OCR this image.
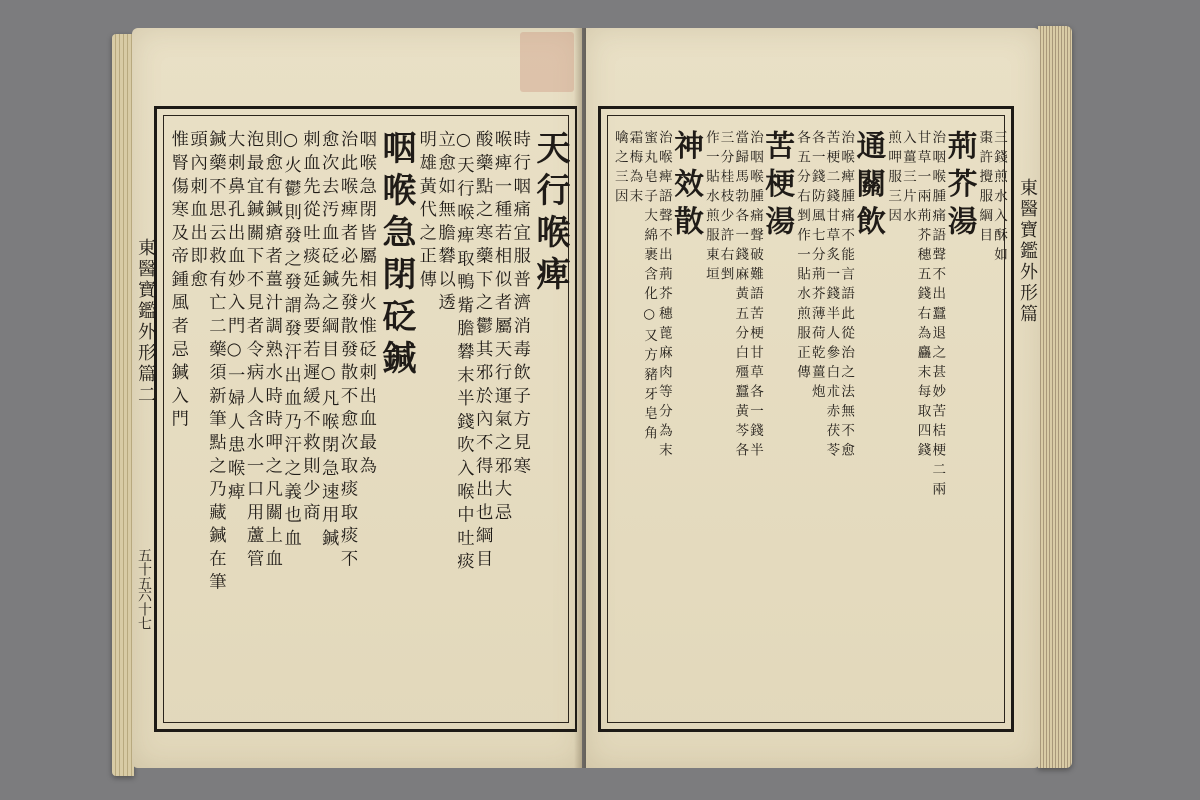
東醫寶鑑外形篇二
五十五
六十七
天行喉痺
時行咽痛宜服普濟消毒飲子方見寒
喉痺一種若相似者屬天行運氣之邪大忌
酸藥點之寒藥下之鬱其邪於內不得出也綱目
○天行喉痺取鴨觜膽礬末半錢吹入喉中吐痰
立愈如無膽礬以透
明雄黃代之正傳
咽喉急閉砭鍼
咽喉急閉皆屬相火惟砭刺出血最為
治此喉痺者必先發散發散不愈次取痰取痰不
愈次去汚血砭鍼之綱目○凡喉閉急速用鍼
刺血先從吐痰延為要若遲緩不救則少商
○火鬱則發之發謂發汗出血乃汗之義也血
則愈有鍼瘡者薑汁調熟水時時呷之凡關上血
泡最宜鍼關下不見者令病人含水一口用蘆管
大刺鼻孔出血妙入門○一婦人患喉痺
鍼藥不思云救有亡二藥須新筆點之乃藏鍼在筆
頭內刺血出即愈
惟腎傷寒及帝鍾風者忌鍼入門	東醫寶鑑外形篇
三錢煎水入酥如
棗許攪服綱目
荊芥湯
治咽喉腫痛語聲不出蠶退之甚妙苦桔梗二兩
甘草一兩荊芥穗五錢右為麤末每取四錢
入薑三片水
煎呷服三因
通關飲
治喉痺腫痛不能言語此從治之法無不愈
苦梗二錢甘草炙一錢半人參白朮赤茯苓
各一錢防風七分荊芥薄荷乾薑炮
各五分右剉作一貼水煎服正傳
苦梗湯
治咽喉腫痛聲破難語苦梗甘草各一錢半
當歸馬勃各一錢麻黃五分白殭蠶黃芩各
三分桂枝少許右剉
作一貼水煎服東垣
神效散
治喉痺語聲不出荊芥穗蓖麻肉等分為末
蜜丸皂子大綿裹含化○又方豬牙皂角
霜梅為末
噙之三因
